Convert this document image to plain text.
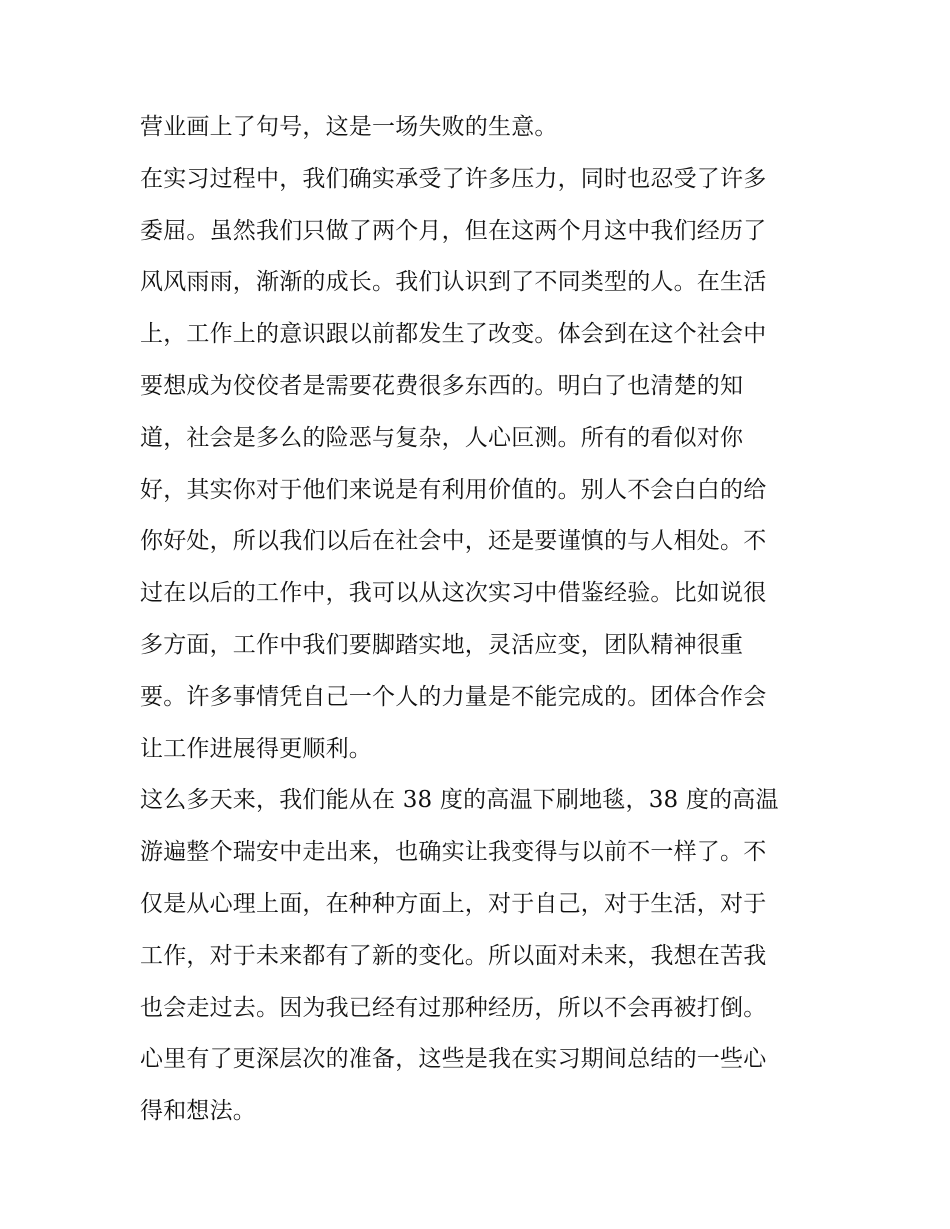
营业画上了句号，这是一场失败的生意。
在实习过程中，我们确实承受了许多压力，同时也忍受了许多
委屈。虽然我们只做了两个月，但在这两个月这中我们经历了
风风雨雨，渐渐的成长。我们认识到了不同类型的人。在生活
上，工作上的意识跟以前都发生了改变。体会到在这个社会中
要想成为佼佼者是需要花费很多东西的。明白了也清楚的知
道，社会是多么的险恶与复杂，人心叵测。所有的看似对你
好，其实你对于他们来说是有利用价值的。别人不会白白的给
你好处，所以我们以后在社会中，还是要谨慎的与人相处。不
过在以后的工作中，我可以从这次实习中借鉴经验。比如说很
多方面，工作中我们要脚踏实地，灵活应变，团队精神很重
要。许多事情凭自己一个人的力量是不能完成的。团体合作会
让工作进展得更顺利。
这么多天来，我们能从在 38 度的高温下刷地毯，38 度的高温
游遍整个瑞安中走出来，也确实让我变得与以前不一样了。不
仅是从心理上面，在种种方面上，对于自己，对于生活，对于
工作，对于未来都有了新的变化。所以面对未来，我想在苦我
也会走过去。因为我已经有过那种经历，所以不会再被打倒。
心里有了更深层次的准备，这些是我在实习期间总结的一些心
得和想法。
